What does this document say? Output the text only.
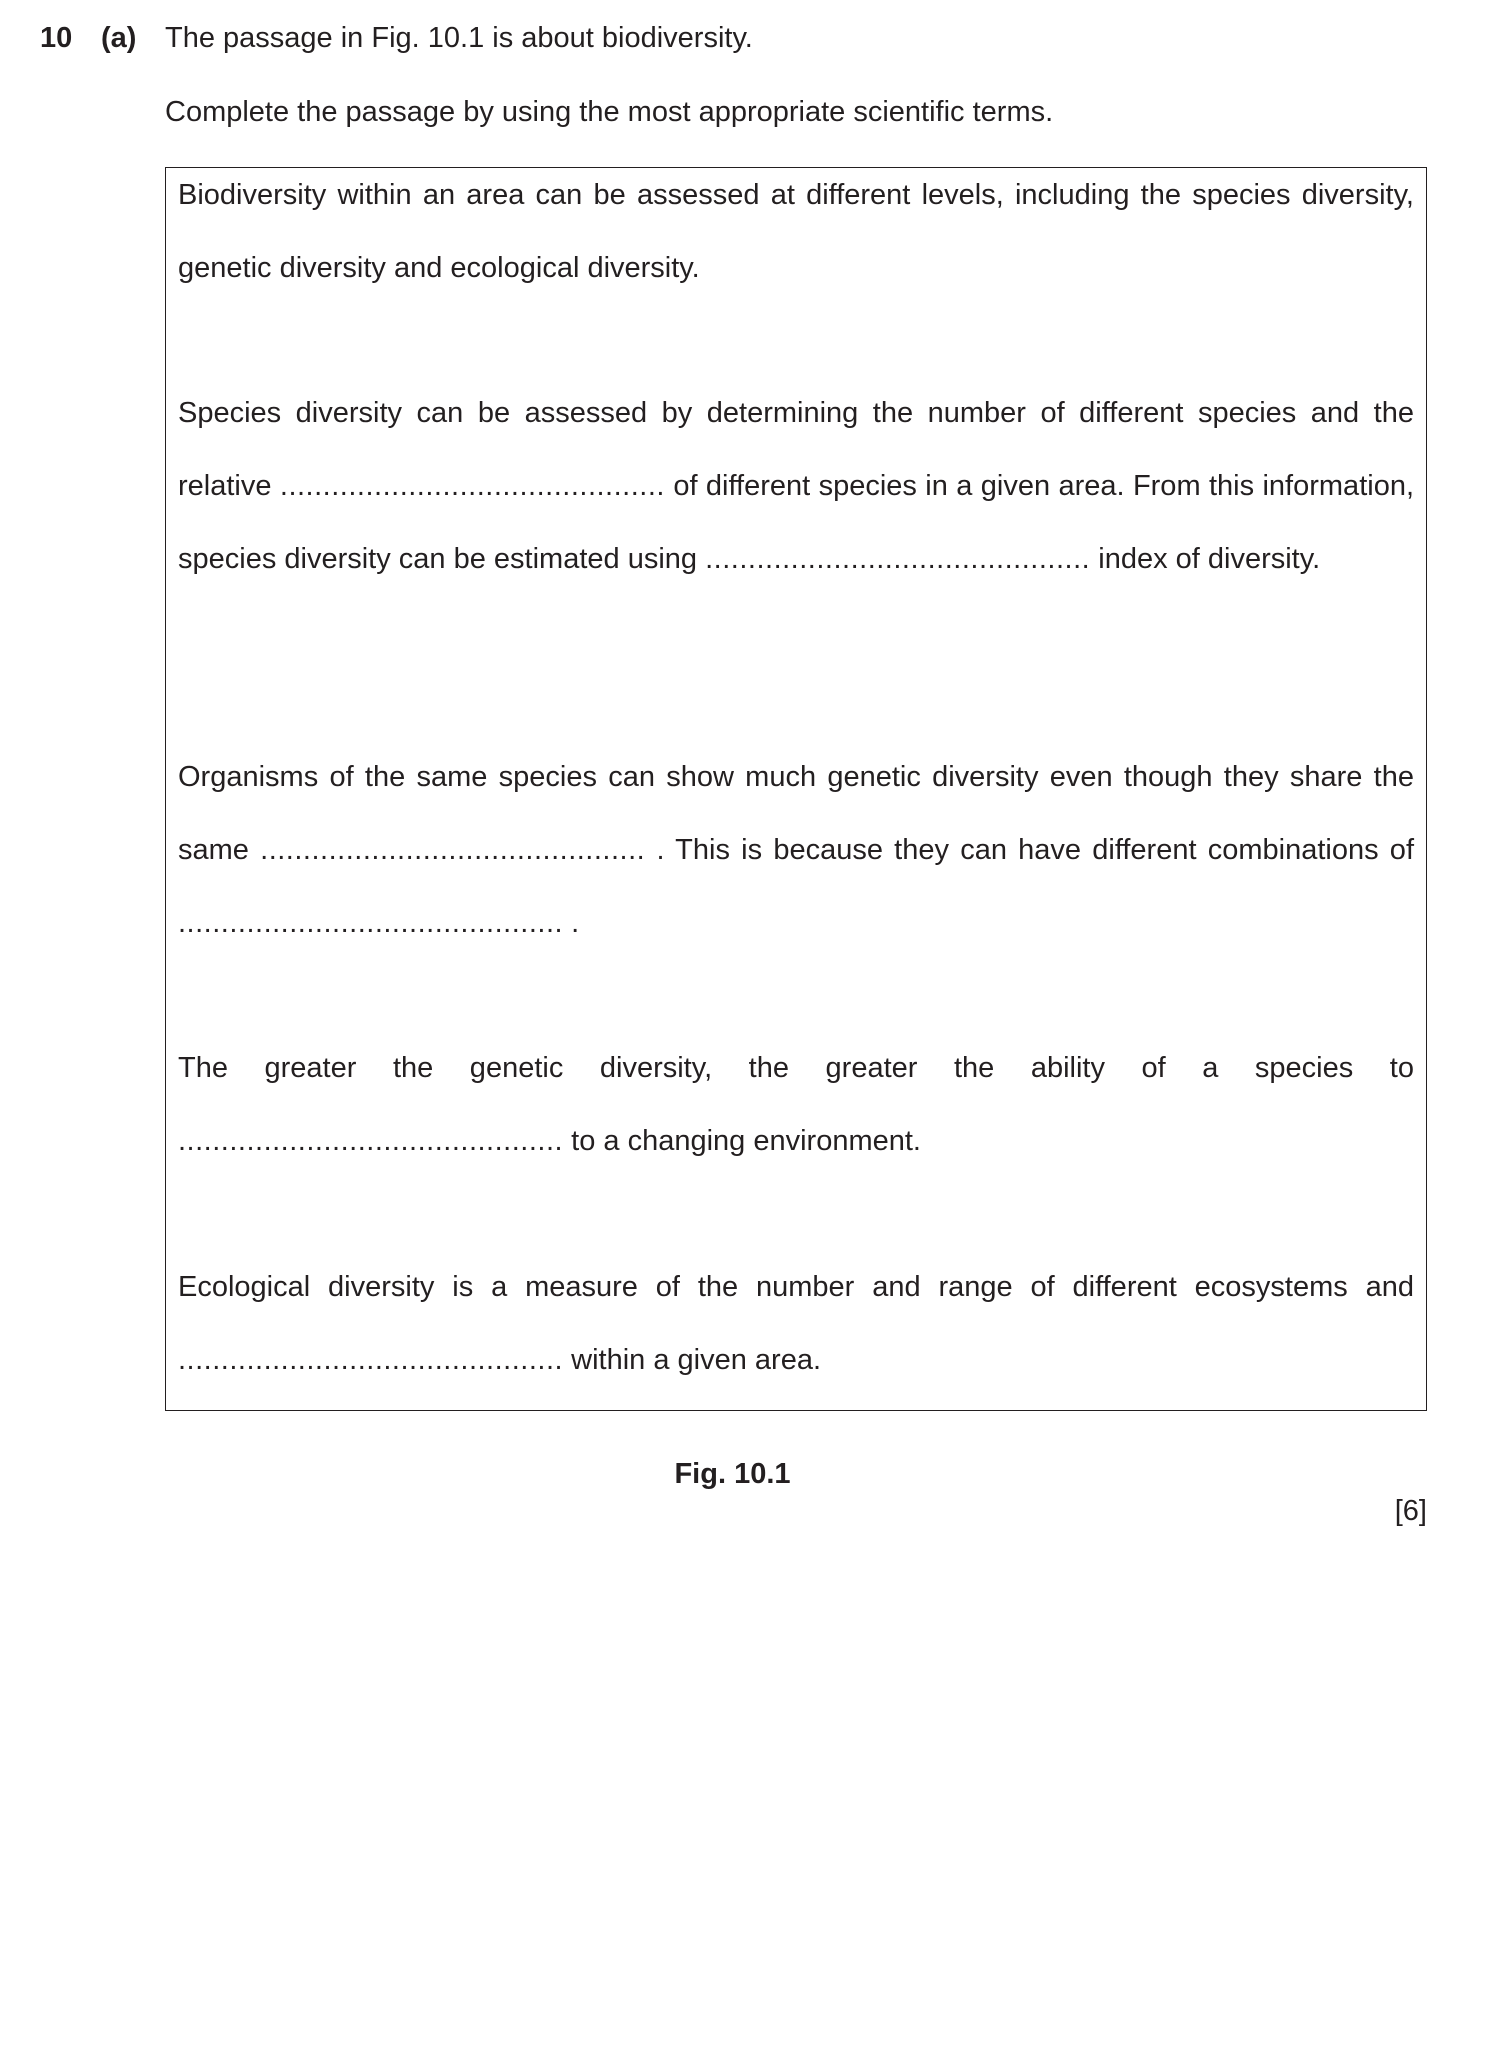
10 (a) The passage in Fig. 10.1 is about biodiversity.
Complete the passage by using the most appropriate scientific terms.
Biodiversity within an area can be assessed at different levels, including the species diversity, genetic diversity and ecological diversity.
Species diversity can be assessed by determining the number of different species and the relative ............................................. of different species in a given area. From this information, species diversity can be estimated using ............................................. index of diversity.
Organisms of the same species can show much genetic diversity even though they share the same ............................................. . This is because they can have different combinations of ............................................. .
The greater the genetic diversity, the greater the ability of a species to ............................................. to a changing environment.
Ecological diversity is a measure of the number and range of different ecosystems and ............................................. within a given area.
Fig. 10.1
[6]
